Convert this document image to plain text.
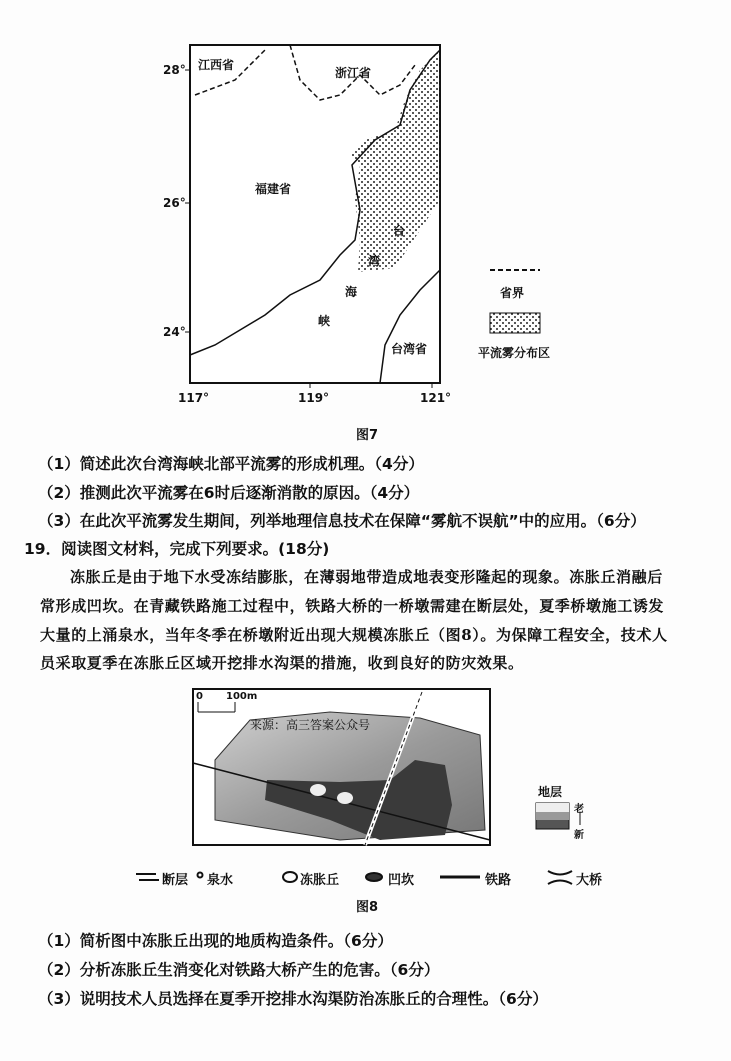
28°
26°
24°
117°	119°	121°
江西省
浙江省
福建省
台湾省
台
湾
海
峡
省界
平流雾分布区
图7
（1）简述此次台湾海峡北部平流雾的形成机理。（4分）
（2）推测此次平流雾在6时后逐渐消散的原因。（4分）
（3）在此次平流雾发生期间，列举地理信息技术在保障“雾航不误航”中的应用。（6分）
19．阅读图文材料，完成下列要求。(18分)
冻胀丘是由于地下水受冻结膨胀，在薄弱地带造成地表变形隆起的现象。冻胀丘消融后
常形成凹坎。在青藏铁路施工过程中，铁路大桥的一桥墩需建在断层处，夏季桥墩施工诱发
大量的上涌泉水，当年冬季在桥墩附近出现大规模冻胀丘（图8）。为保障工程安全，技术人
员采取夏季在冻胀丘区域开挖排水沟渠的措施，收到良好的防灾效果。
0 100m
来源：高三答案公众号
地层
老
新
断层 泉水	冻胀丘	凹坎	铁路	大桥
图8
（1）简析图中冻胀丘出现的地质构造条件。（6分）
（2）分析冻胀丘生消变化对铁路大桥产生的危害。（6分）
（3）说明技术人员选择在夏季开挖排水沟渠防治冻胀丘的合理性。（6分）
